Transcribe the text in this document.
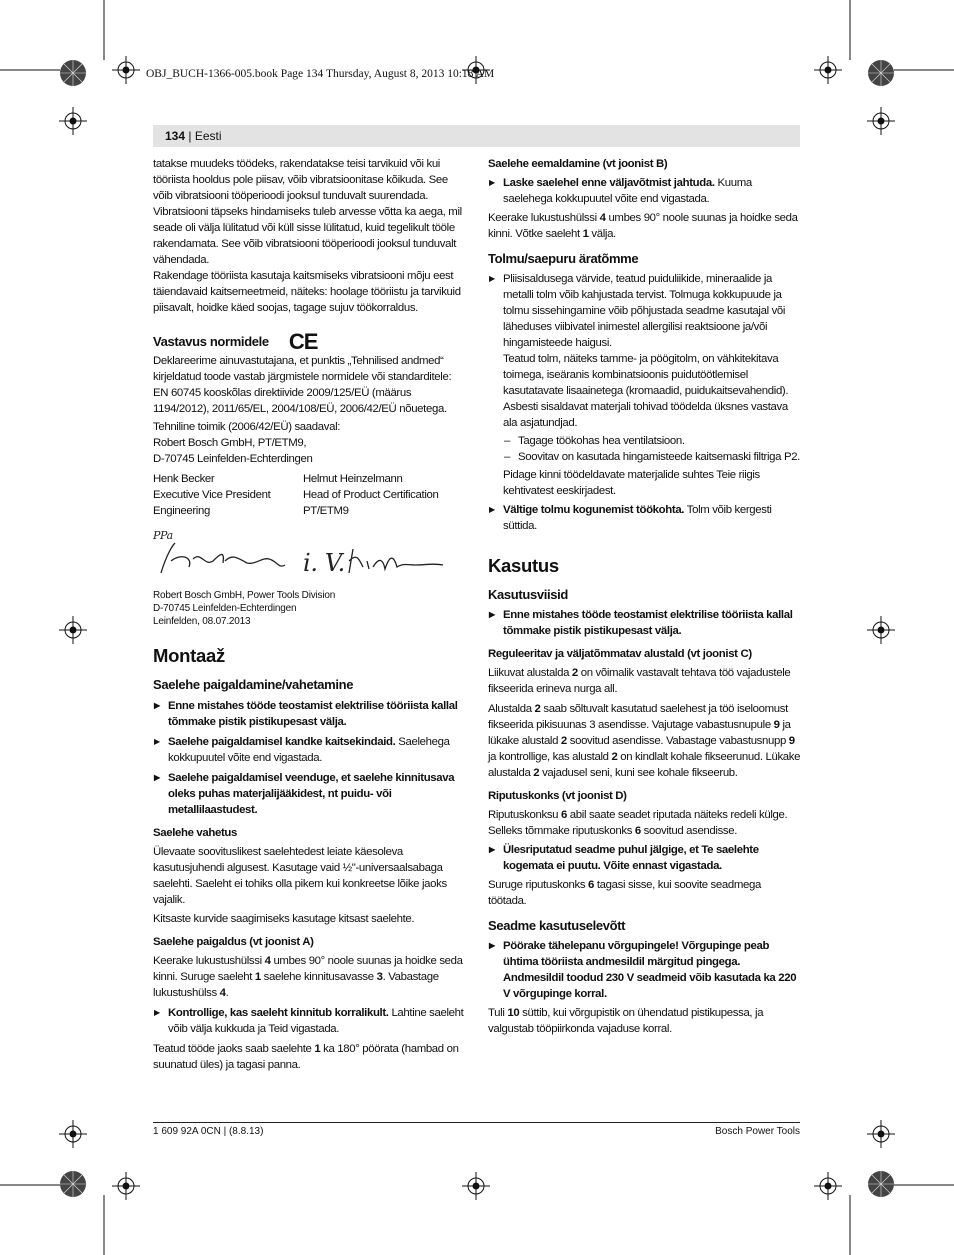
OBJ_BUCH-1366-005.book Page 134 Thursday, August 8, 2013 10:18 AM
134 | Eesti

tatakse muudeks töödeks, rakendatakse teisi tarvikuid või kui tööriista hooldus pole piisav, võib vibratsioonitase kõikuda. See võib vibratsiooni tööperioodi jooksul tunduvalt suurendada.

Vibratsiooni täpseks hindamiseks tuleb arvesse võtta ka aega, mil seade oli välja lülitatud või küll sisse lülitatud, kuid tegelikult tööle rakendamata. See võib vibratsiooni tööperioodi jooksul tunduvalt vähendada.

Rakendage tööriista kasutaja kaitsmiseks vibratsiooni mõju eest täiendavaid kaitsemeetmeid, näiteks: hoolage tööriistu ja tarvikuid piisavalt, hoidke käed soojas, tagage sujuv töökorraldus.

Vastavus normidele CE

Deklareerime ainuvastutajana, et punktis „Tehnilised andmed“ kirjeldatud toode vastab järgmistele normidele või standarditele: EN 60745 kooskõlas direktiivide 2009/125/EÜ (määrus 1194/2012), 2011/65/EL, 2004/108/EÜ, 2006/42/EÜ nõuetega.

Tehniline toimik (2006/42/EÜ) saadaval:

Robert Bosch GmbH, PT/ETM9,

D-70745 Leinfelden-Echterdingen

Henk Becker

Executive Vice President

Engineering

Helmut Heinzelmann

Head of Product Certification

PT/ETM9

PPa
i. V.

Robert Bosch GmbH, Power Tools Division

D-70745 Leinfelden-Echterdingen

Leinfelden, 08.07.2013

Montaaž
Saelehe paigaldamine/vahetamine

▶ Enne mistahes tööde teostamist elektrilise tööriista kallal tõmmake pistik pistikupesast välja.

▶ Saelehe paigaldamisel kandke kaitsekindaid. Saelehega kokkupuutel võite end vigastada.

▶ Saelehe paigaldamisel veenduge, et saelehe kinnitusava oleks puhas materjalijääkidest, nt puidu- või metallilaastudest.

Saelehe vahetus

Ülevaate soovituslikest saelehtedest leiate käesoleva kasutusjuhendi algusest. Kasutage vaid ½"-universaalsabaga saelehti. Saeleht ei tohiks olla pikem kui konkreetse lõike jaoks vajalik.

Kitsaste kurvide saagimiseks kasutage kitsast saelehte.

Saelehe paigaldus (vt joonist A)

Keerake lukustushülssi 4 umbes 90° noole suunas ja hoidke seda kinni. Suruge saeleht 1 saelehe kinnitusavasse 3. Vabastage lukustushülss 4.

▶ Kontrollige, kas saeleht kinnitub korralikult. Lahtine saeleht võib välja kukkuda ja Teid vigastada.

Teatud tööde jaoks saab saelehte 1 ka 180° pöörata (hambad on suunatud üles) ja tagasi panna.

Saelehe eemaldamine (vt joonist B)

▶ Laske saelehel enne väljavõtmist jahtuda. Kuuma saelehega kokkupuutel võite end vigastada.

Keerake lukustushülssi 4 umbes 90° noole suunas ja hoidke seda kinni. Võtke saeleht 1 välja.

Tolmu/saepuru äratõmme

▶ Pliisisaldusega värvide, teatud puiduliikide, mineraalide ja metalli tolm võib kahjustada tervist. Tolmuga kokkupuude ja tolmu sissehingamine võib põhjustada seadme kasutajal või läheduses viibivatel inimestel allergilisi reaktsioone ja/või hingamisteede haigusi.

Teatud tolm, näiteks tamme- ja pöögitolm, on vähkitekitava toimega, iseäranis kombinatsioonis puidutöötlemisel kasutatavate lisaainetega (kromaadid, puidukaitsevahendid). Asbesti sisaldavat materjali tohivad töödelda üksnes vastava ala asjatundjad.

– Tagage töökohas hea ventilatsioon.

– Soovitav on kasutada hingamisteede kaitsemaski filtriga P2.

Pidage kinni töödeldavate materjalide suhtes Teie riigis kehtivatest eeskirjadest.

▶ Vältige tolmu kogunemist töökohta. Tolm võib kergesti süttida.

Kasutus
Kasutusviisid

▶ Enne mistahes tööde teostamist elektrilise tööriista kallal tõmmake pistik pistikupesast välja.

Reguleeritav ja väljatõmmatav alustald (vt joonist C)

Liikuvat alustalda 2 on võimalik vastavalt tehtava töö vajadustele fikseerida erineva nurga all.

Alustalda 2 saab sõltuvalt kasutatud saelehest ja töö iseloomust fikseerida pikisuunas 3 asendisse. Vajutage vabastusnupule 9 ja lükake alustald 2 soovitud asendisse. Vabastage vabastusnupp 9 ja kontrollige, kas alustald 2 on kindlalt kohale fikseerunud. Lükake alustalda 2 vajadusel seni, kuni see kohale fikseerub.

Riputuskonks (vt joonist D)

Riputuskonksu 6 abil saate seadet riputada näiteks redeli külge. Selleks tõmmake riputuskonks 6 soovitud asendisse.

▶ Ülesriputatud seadme puhul jälgige, et Te saelehte kogemata ei puutu. Võite ennast vigastada.

Suruge riputuskonks 6 tagasi sisse, kui soovite seadmega töötada.

Seadme kasutuselevõtt

▶ Pöörake tähelepanu võrgupingele! Võrgupinge peab ühtima tööriista andmesildil märgitud pingega. Andmesildil toodud 230 V seadmeid võib kasutada ka 220 V võrgupinge korral.

Tuli 10 süttib, kui võrgupistik on ühendatud pistikupessa, ja valgustab tööpiirkonda vajaduse korral.

1 609 92A 0CN | (8.8.13)	Bosch Power Tools
